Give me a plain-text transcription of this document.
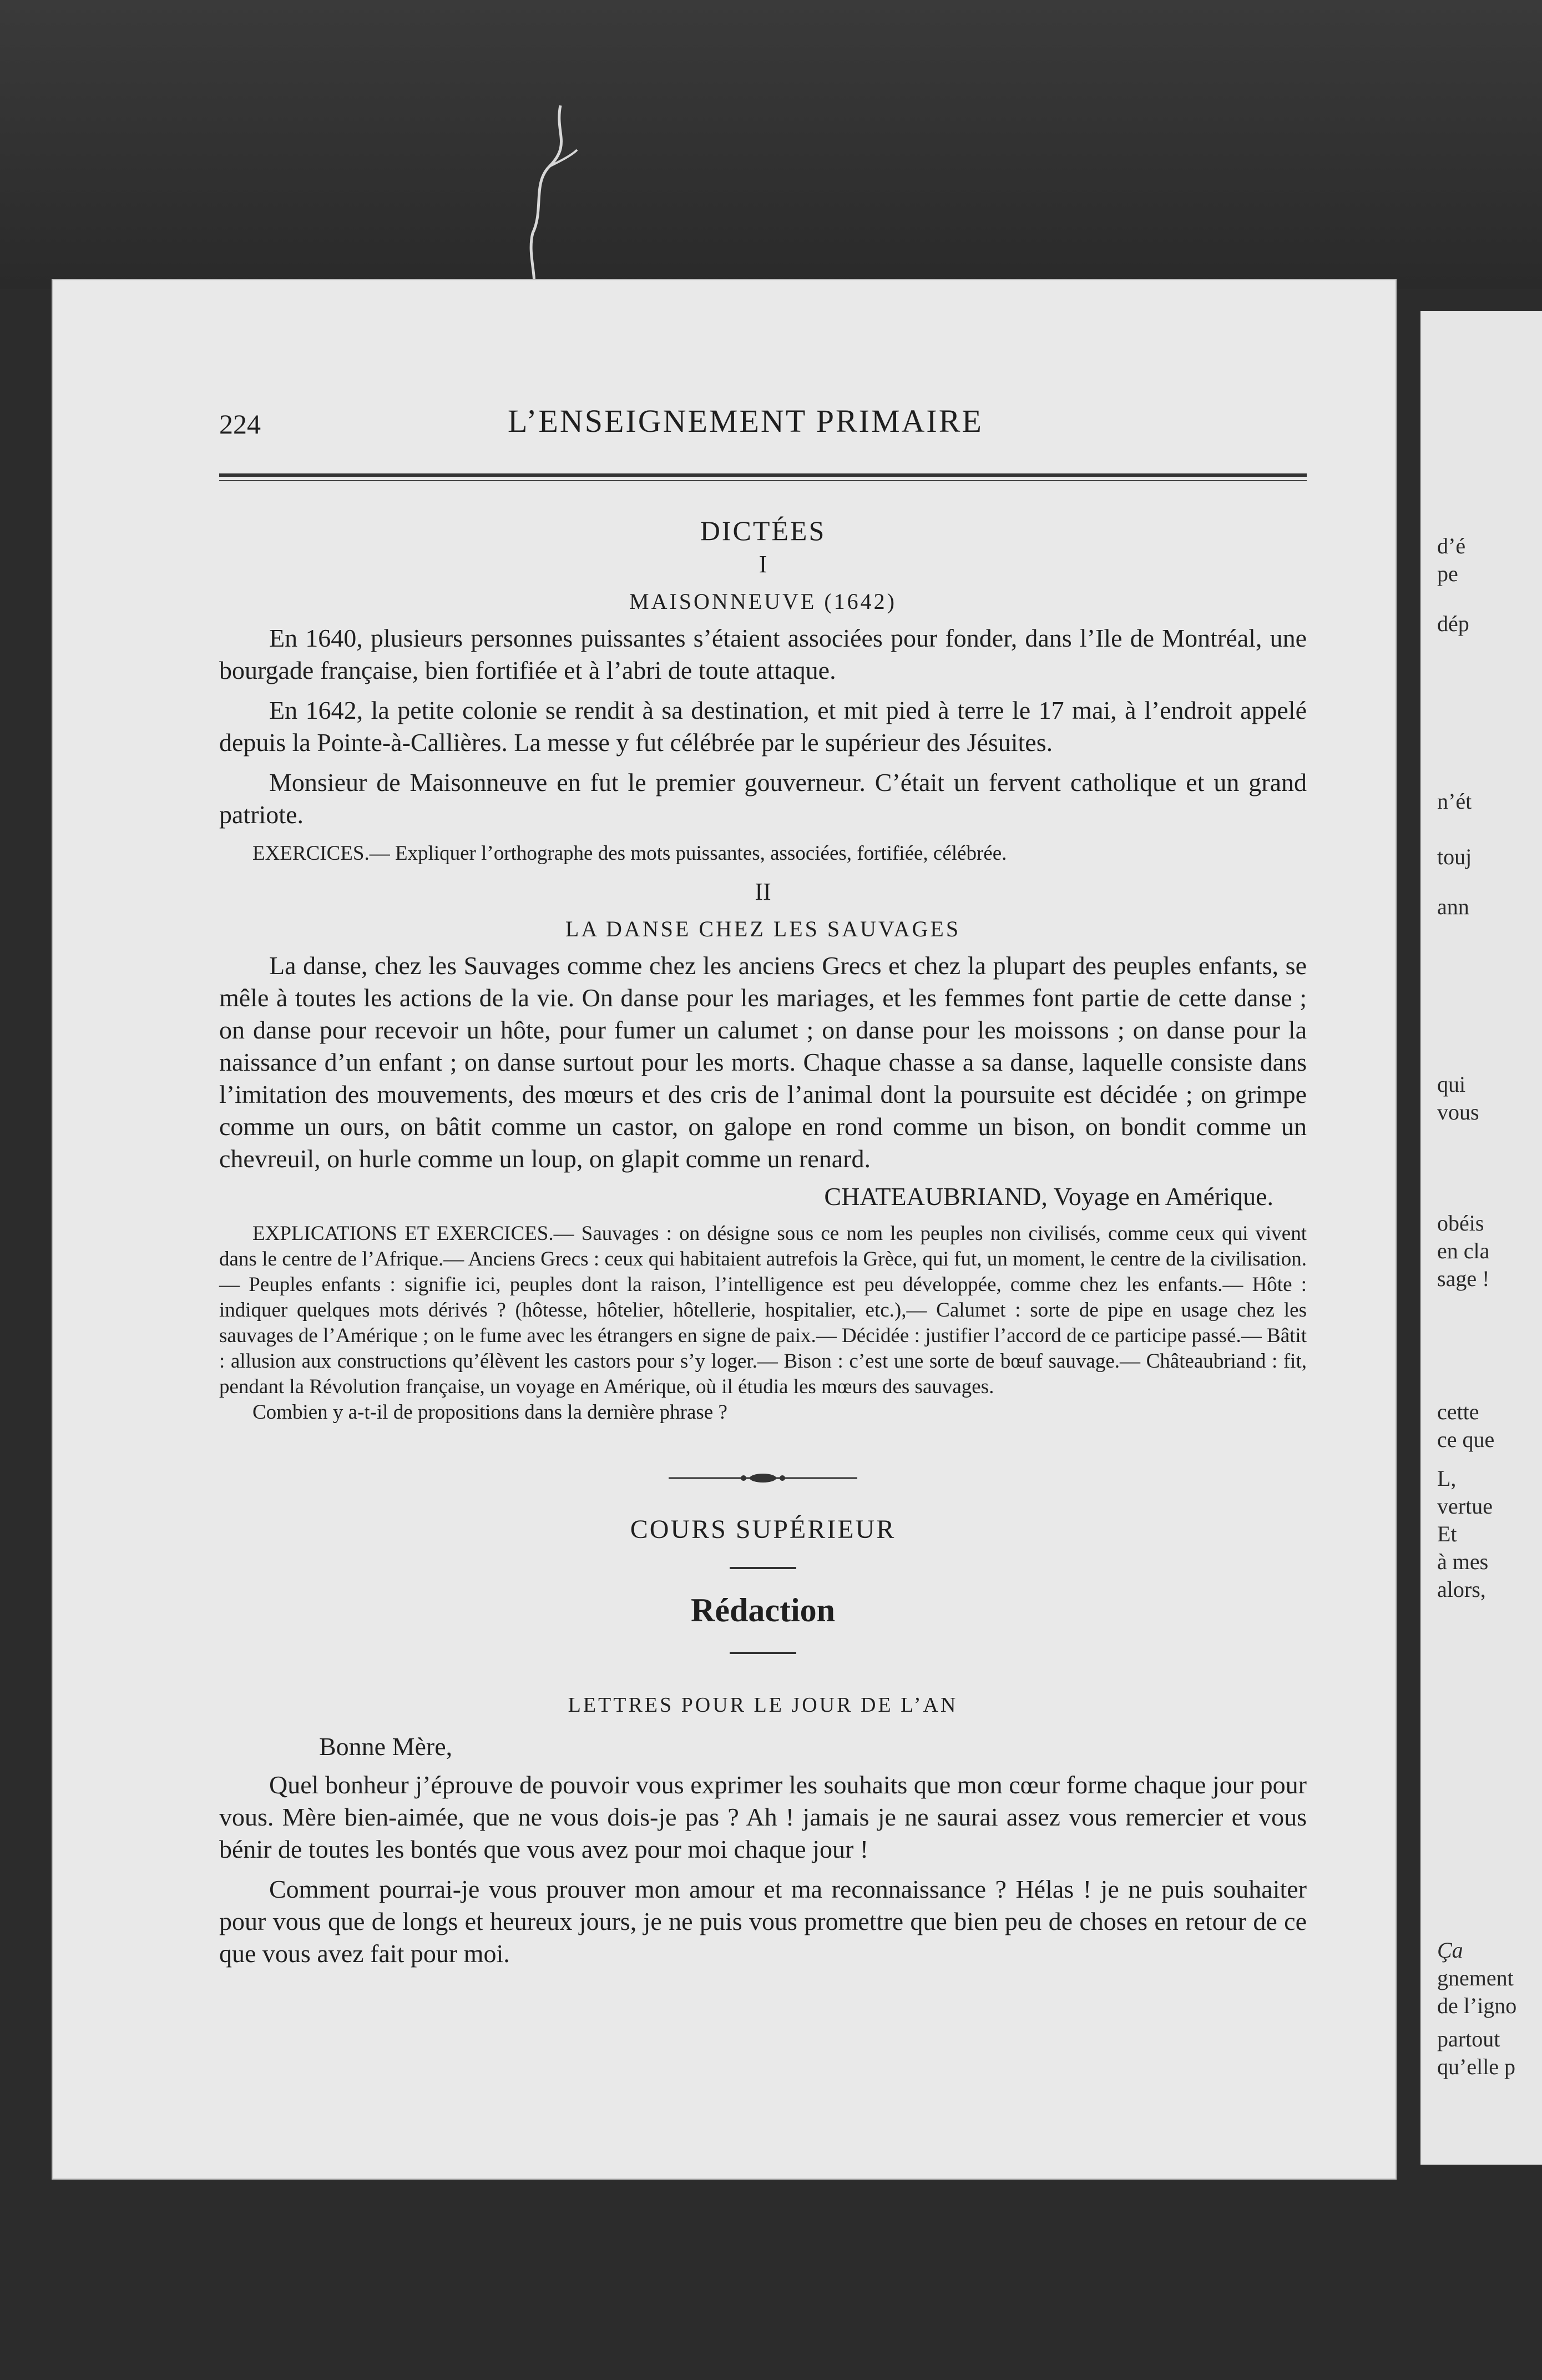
d’é
pe
dép
n’ét
touj
ann
qui
vous
obéis
en cla
sage !
cette
ce que
L,
vertue
Et
à mes
alors,
Ça
gnement
de l’igno
partout
qu’elle p
224	L’ENSEIGNEMENT PRIMAIRE
DICTÉES
I
MAISONNEUVE (1642)

En 1640, plusieurs personnes puissantes s’étaient associées pour fonder, dans l’Ile de Montréal, une bourgade française, bien fortifiée et à l’abri de toute attaque.

En 1642, la petite colonie se rendit à sa destination, et mit pied à terre le 17 mai, à l’endroit appelé depuis la Pointe-à-Callières. La messe y fut célébrée par le supérieur des Jésuites.

Monsieur de Maisonneuve en fut le premier gouverneur. C’était un fervent catholique et un grand patriote.

EXERCICES.— Expliquer l’orthographe des mots puissantes, associées, fortifiée, célébrée.

II
LA DANSE CHEZ LES SAUVAGES

La danse, chez les Sauvages comme chez les anciens Grecs et chez la plupart des peuples enfants, se mêle à toutes les actions de la vie. On danse pour les mariages, et les femmes font partie de cette danse ; on danse pour recevoir un hôte, pour fumer un calumet ; on danse pour les moissons ; on danse pour la naissance d’un enfant ; on danse surtout pour les morts. Chaque chasse a sa danse, laquelle consiste dans l’imitation des mouvements, des mœurs et des cris de l’animal dont la poursuite est décidée ; on grimpe comme un ours, on bâtit comme un castor, on galope en rond comme un bison, on bondit comme un chevreuil, on hurle comme un loup, on glapit comme un renard.

CHATEAUBRIAND, Voyage en Amérique.

EXPLICATIONS ET EXERCICES.— Sauvages : on désigne sous ce nom les peuples non civilisés, comme ceux qui vivent dans le centre de l’Afrique.— Anciens Grecs : ceux qui habitaient autrefois la Grèce, qui fut, un moment, le centre de la civilisation.— Peuples enfants : signifie ici, peuples dont la raison, l’intelligence est peu développée, comme chez les enfants.— Hôte : indiquer quelques mots dérivés ? (hôtesse, hôtelier, hôtellerie, hospitalier, etc.),— Calumet : sorte de pipe en usage chez les sauvages de l’Amérique ; on le fume avec les étrangers en signe de paix.— Décidée : justifier l’accord de ce participe passé.— Bâtit : allusion aux constructions qu’élèvent les castors pour s’y loger.— Bison : c’est une sorte de bœuf sauvage.— Châteaubriand : fit, pendant la Révolution française, un voyage en Amérique, où il étudia les mœurs des sauvages.

Combien y a-t-il de propositions dans la dernière phrase ?

COURS SUPÉRIEUR
Rédaction
LETTRES POUR LE JOUR DE L’AN
Bonne Mère,

Quel bonheur j’éprouve de pouvoir vous exprimer les souhaits que mon cœur forme chaque jour pour vous. Mère bien-aimée, que ne vous dois-je pas ? Ah ! jamais je ne saurai assez vous remercier et vous bénir de toutes les bontés que vous avez pour moi chaque jour !

Comment pourrai-je vous prouver mon amour et ma reconnaissance ? Hélas ! je ne puis souhaiter pour vous que de longs et heureux jours, je ne puis vous promettre que bien peu de choses en retour de ce que vous avez fait pour moi.
